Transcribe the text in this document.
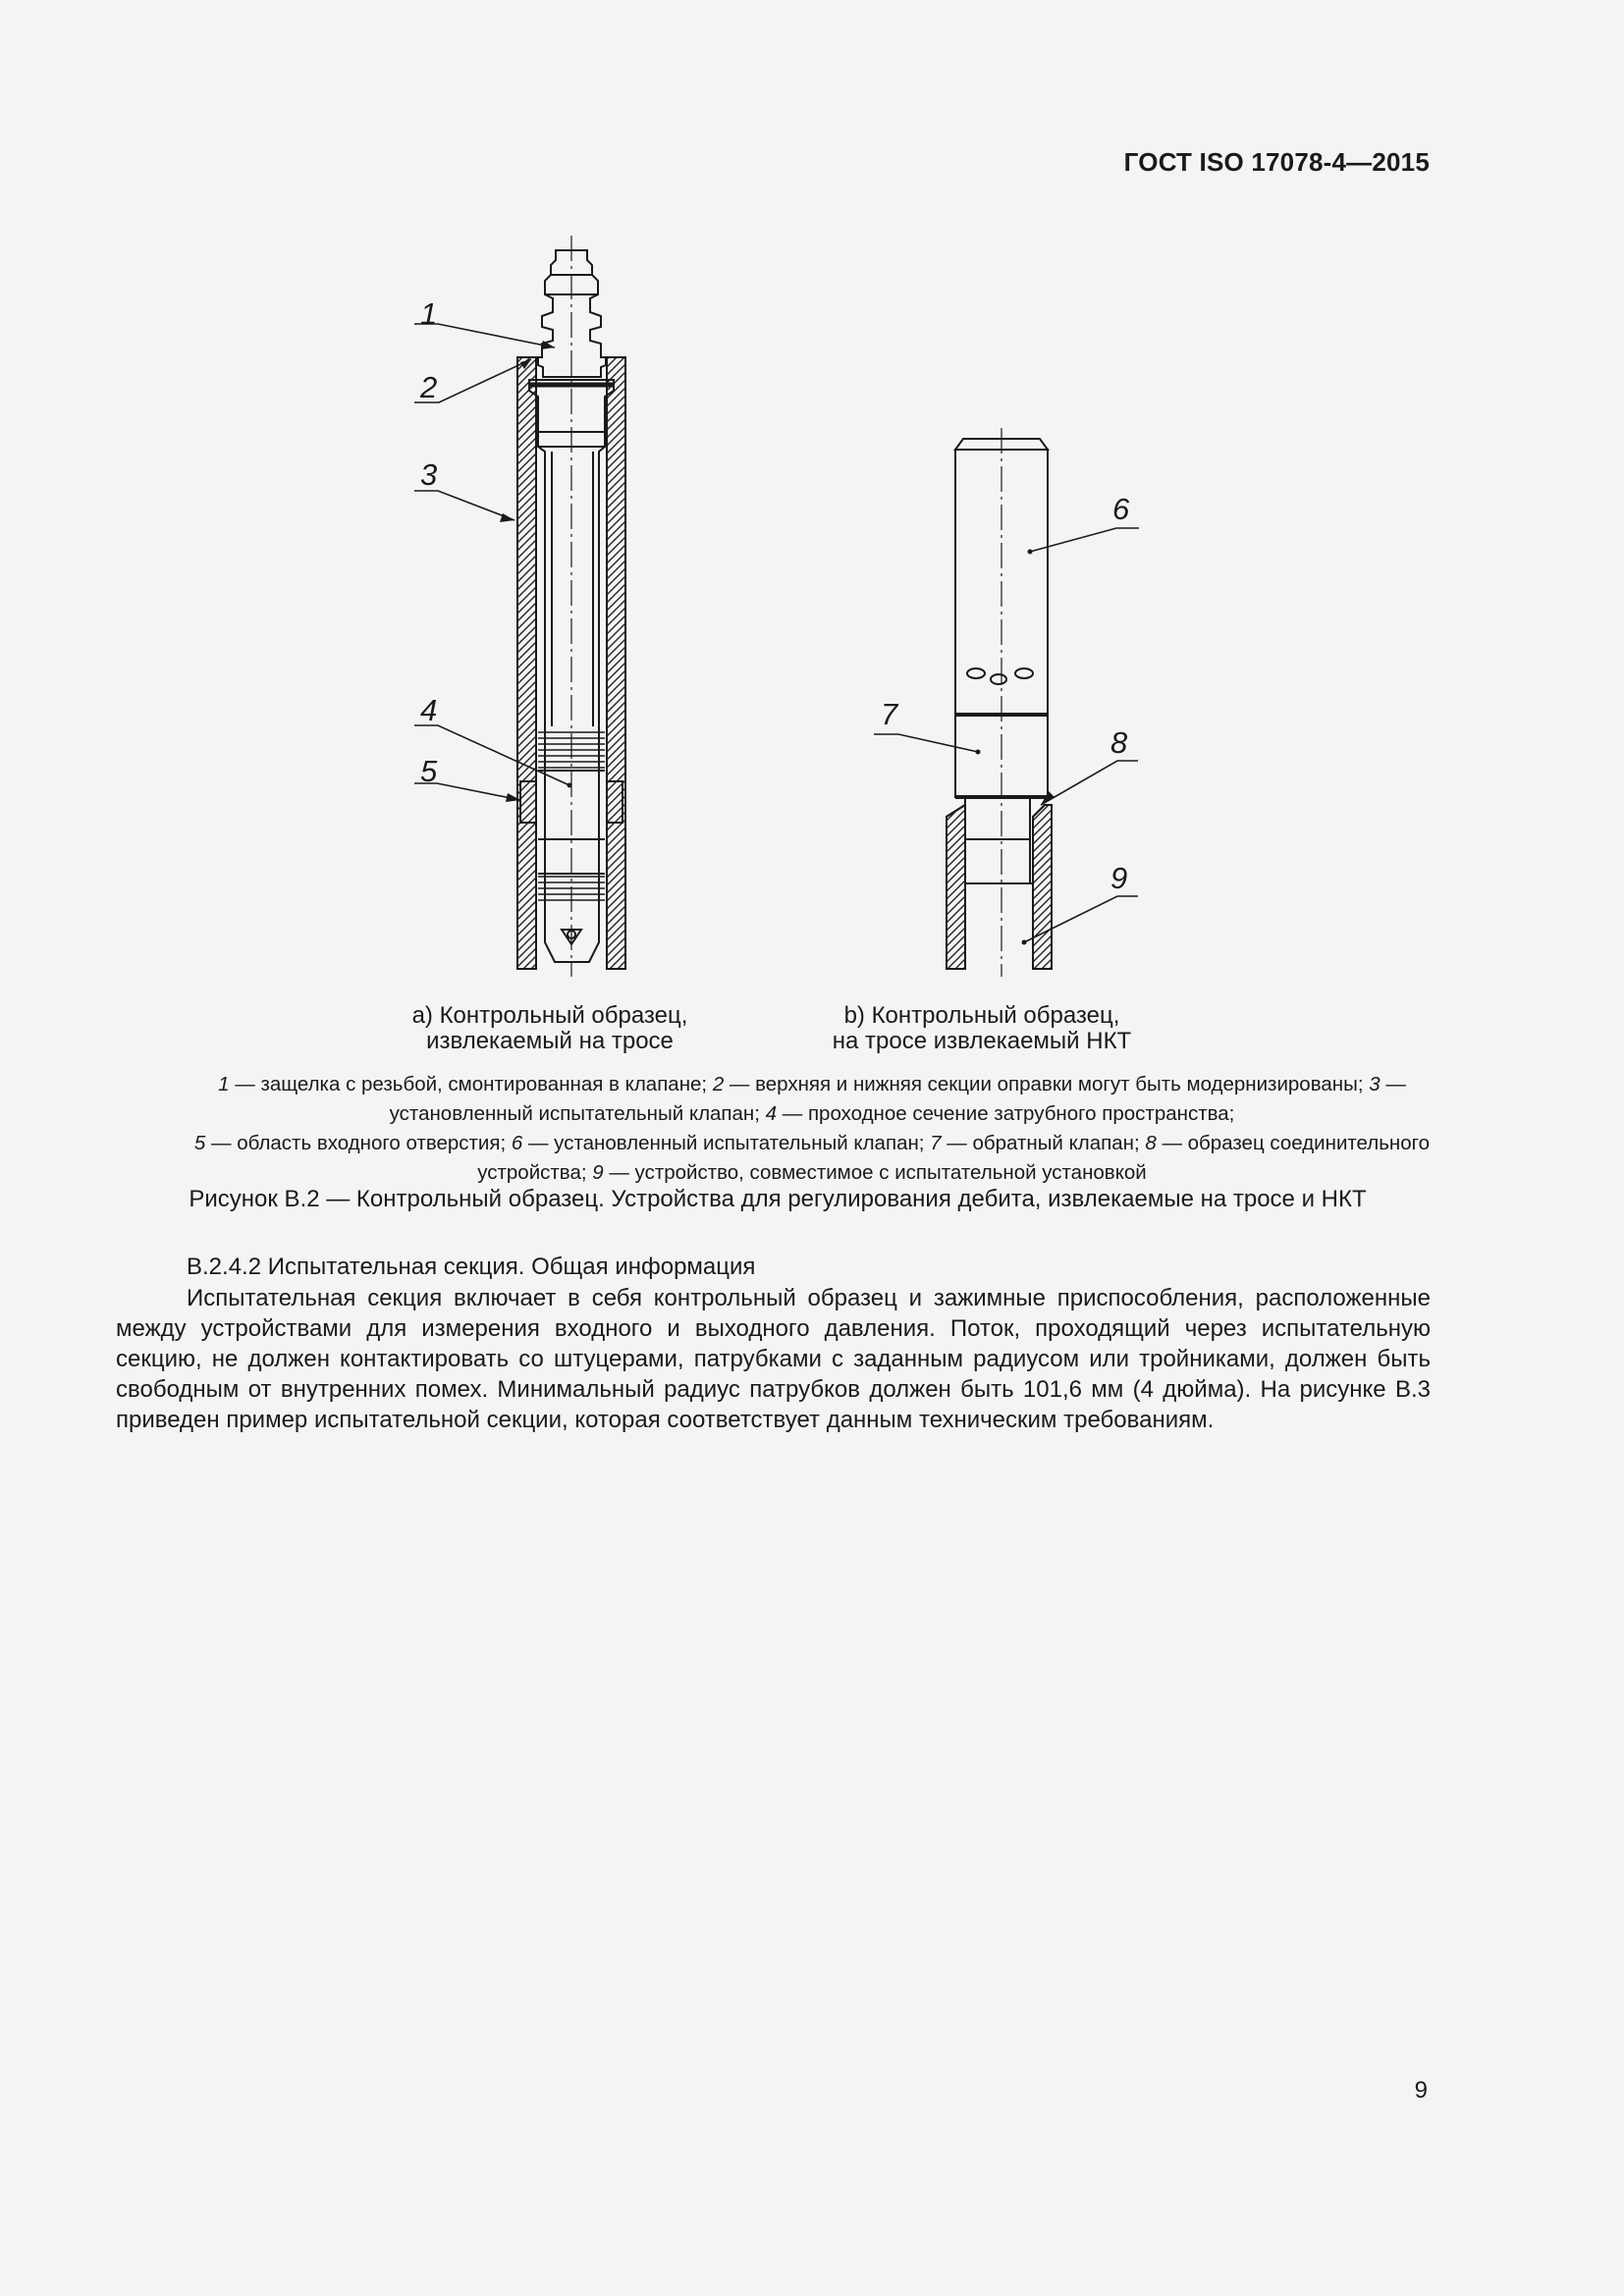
ГОСТ ISO 17078-4—2015
1
2
3
4
5
6
7
8
9
а) Контрольный образец,
извлекаемый на тросе
b) Контрольный образец,
на тросе извлекаемый НКТ
1 — защелка с резьбой, смонтированная в клапане; 2 — верхняя и нижняя секции оправки могут быть модернизированы; 3 — установленный испытательный клапан; 4 — проходное сечение затрубного пространства;
5 — область входного отверстия; 6 — установленный испытательный клапан; 7 — обратный клапан; 8 — образец соединительного устройства; 9 — устройство, совместимое с испытательной установкой
Рисунок В.2 — Контрольный образец. Устройства для регулирования дебита, извлекаемые на тросе и НКТ
В.2.4.2 Испытательная секция. Общая информация
Испытательная секция включает в себя контрольный образец и зажимные приспособления, расположенные между устройствами для измерения входного и выходного давления. Поток, проходящий через испытательную секцию, не должен контактировать со штуцерами, патрубками с заданным радиусом или тройниками, должен быть свободным от внутренних помех. Минимальный радиус патрубков должен быть 101,6 мм (4 дюйма). На рисунке В.3 приведен пример испытательной секции, которая соответствует данным техническим требованиям.
9
